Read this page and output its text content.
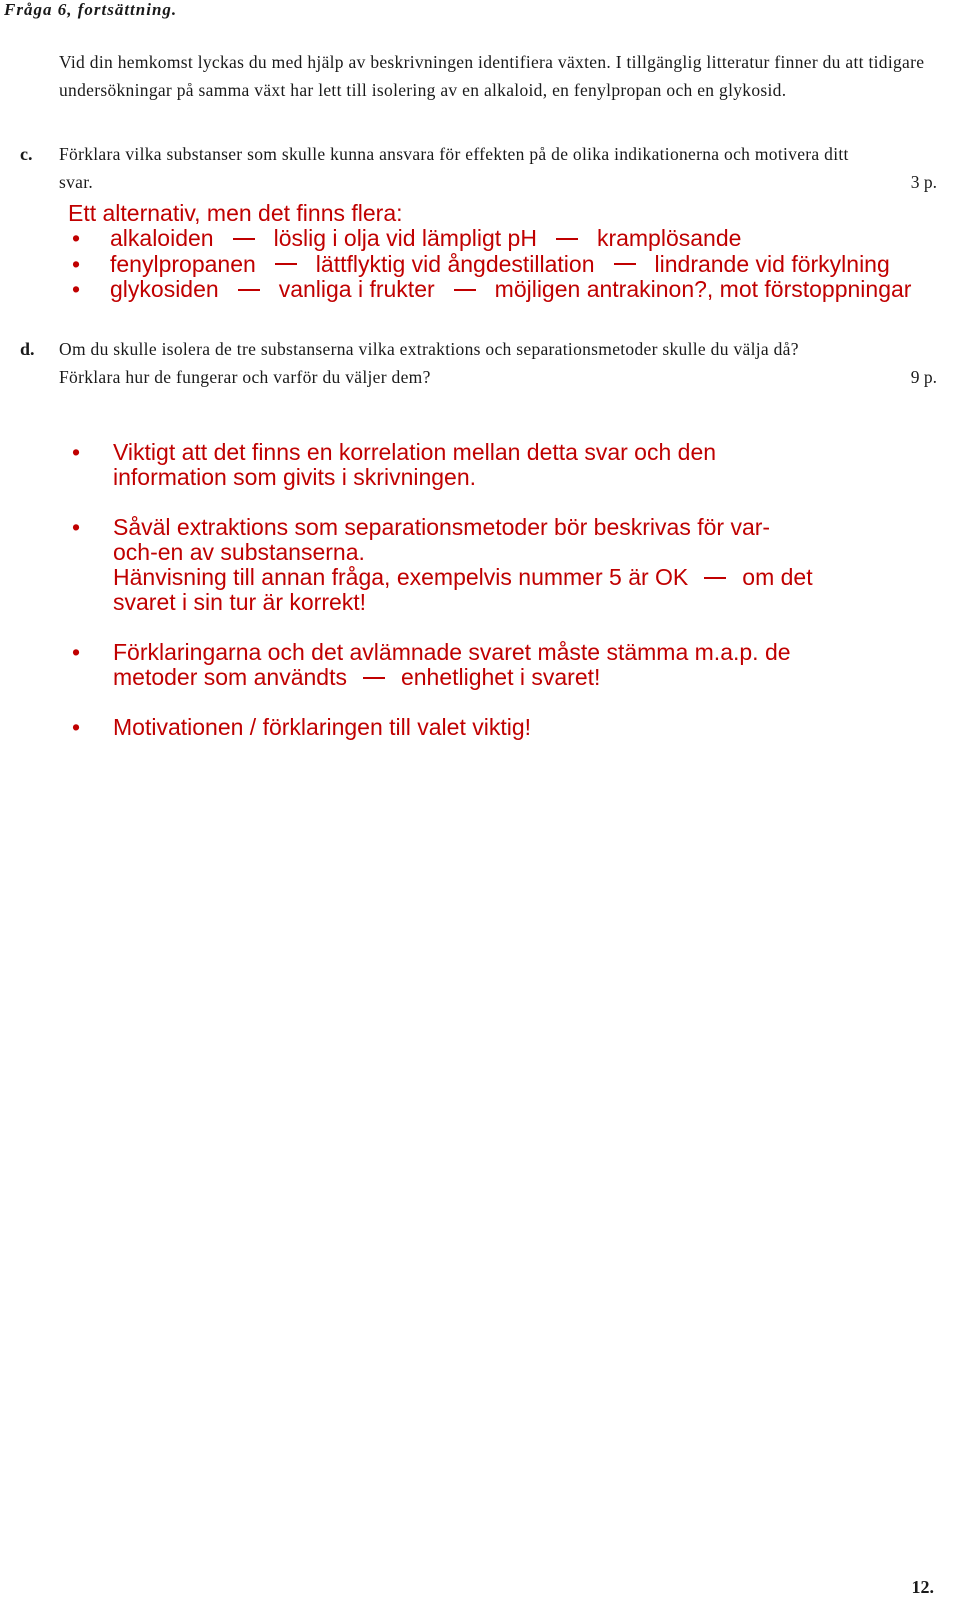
Fråga 6, fortsättning.
Vid din hemkomst lyckas du med hjälp av beskrivningen identifiera växten. I tillgänglig litteratur finner du att tidigare undersökningar på samma växt har lett till isolering av en alkaloid, en fenylpropan och en glykosid.
c. Förklara vilka substanser som skulle kunna ansvara för effekten på de olika indikationerna och motivera ditt svar.	3 p.
Ett alternativ, men det finns flera:
• alkaloiden	löslig i olja vid lämpligt pH	kramplösande
• fenylpropanen	lättflyktig vid ångdestillation	lindrande vid förkylning
• glykosiden	vanliga i frukter	möjligen antrakinon?, mot förstoppningar
d. Om du skulle isolera de tre substanserna vilka extraktions och separationsmetoder skulle du välja då? Förklara hur de fungerar och varför du väljer dem?	9 p.
• Viktigt att det finns en korrelation mellan detta svar och den information som givits i skrivningen.
• Såväl extraktions som separationsmetoder bör beskrivas för var-och-en av substanserna.
Hänvisning till annan fråga, exempelvis nummer 5 är OK om det svaret i sin tur är korrekt!
• Förklaringarna och det avlämnade svaret måste stämma m.a.p. de metoder som användts enhetlighet i svaret!
• Motivationen / förklaringen till valet viktig!
12.
